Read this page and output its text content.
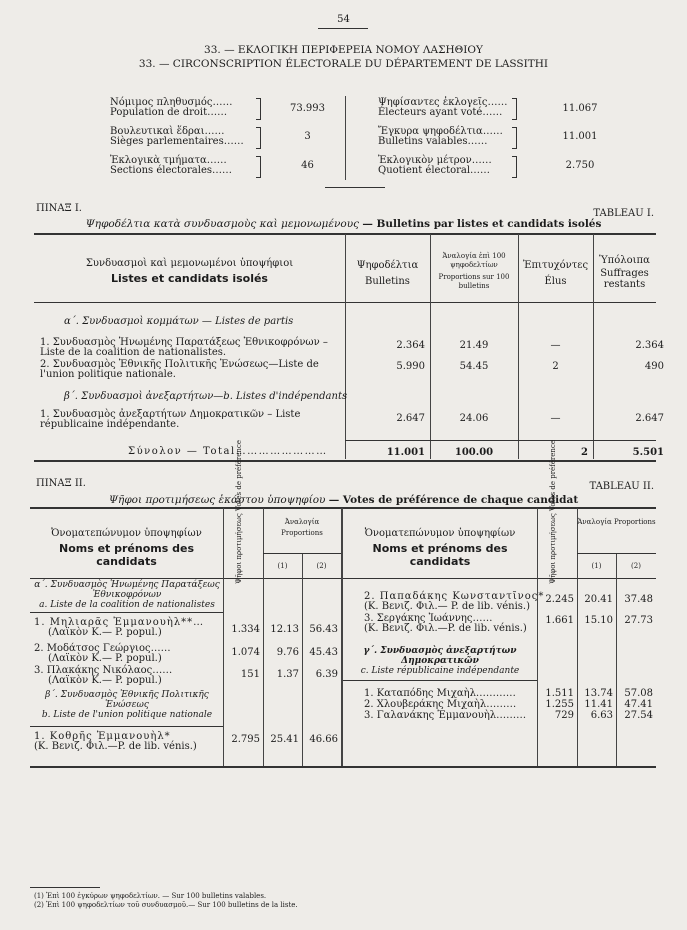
54
33. — ΕΚΛΟΓΙΚΗ ΠΕΡΙΦΕΡΕΙΑ ΝΟΜΟΥ ΛΑΣΗΘΙΟΥ
33. — CIRCONSCRIPTION ÉLECTORALE DU DÉPARTEMENT DE LASSITHI
Νόμιμος πληθυσμός……
Population de droit……	73.993
Βουλευτικαὶ ἕδραι……
Sièges parlementaires……	3
Ἐκλογικὰ τμήματα……
Sections électorales……	46
Ψηφίσαντες ἐκλογεῖς……
Électeurs ayant voté……	11.067
Ἔγκυρα ψηφοδέλτια……
Bulletins valables……	11.001
Ἐκλογικὸν μέτρον……
Quotient électoral……	2.750
ΠΙΝΑΞ I.	TABLEAU I.
Ψηφοδέλτια κατὰ συνδυασμοὺς καὶ μεμονωμένους — Bulletins par listes et candidats isolés
Συνδυασμοὶ καὶ μεμονωμένοι ὑποψήφιοι
Listes et candidats isolés
Ψηφοδέλτια
Bulletins
Ἀναλογία ἐπὶ 100 ψηφοδελτίων
Proportions sur 100 bulletins
Ἐπιτυχόντες
Élus
Ὑπόλοιπα
Suffrages restants
α΄. Συνδυασμοὶ κομμάτων — Listes de partis
1. Συνδυασμὸς Ἡνωμένης Παρατάξεως Ἐθνικοφρόνων – Liste de la coalition de nationalistes.
2.364	21.49	—	2.364
2. Συνδυασμὸς Ἐθνικῆς Πολιτικῆς Ἑνώσεως—Liste de l'union politique nationale.
5.990	54.45	2	490
β΄. Συνδυασμοὶ ἀνεξαρτήτων—b. Listes d'indépendants
1. Συνδυασμὸς ἀνεξαρτήτων Δημοκρατικῶν – Liste républicaine indépendante.
2.647	24.06	—	2.647
Σύνολον — Total……………………	11.001	100.00	2	5.501
ΠΙΝΑΞ II.	TABLEAU II.
Ψῆφοι προτιμήσεως ἑκάστου ὑποψηφίου — Votes de préférence de chaque candidat
Ὀνοματεπώνυμον ὑποψηφίων
Noms et prénoms des candidats	Ψῆφοι προτιμήσεως Votes de préférence	Ἀναλογία Proportions
(1)	(2)
Ὀνοματεπώνυμον ὑποψηφίων
Noms et prénoms des candidats	Ψῆφοι προτιμήσεως Votes de préférence	Ἀναλογία Proportions
(1)	(2)
α΄. Συνδυασμὸς Ἡνωμένης Παρατάξεως Ἐθνικοφρόνων
a. Liste de la coalition de nationalistes
1. Μηλιαρᾶς Ἐμμανουὴλ**…
(Λαϊκὸν Κ.— P. popul.)	1.334	12.13	56.43
2. Μοδάτσος Γεώργιος……
(Λαϊκὸν Κ.— P. popul.)
1.074	9.76	45.43
3. Πλακάκης Νικόλαος……
(Λαϊκὸν Κ.— P. popul.)
151	1.37	6.39
β΄. Συνδυασμὸς Ἐθνικῆς Πολιτικῆς Ἑνώσεως
b. Liste de l'union politique nationale
1. Κοθρῆς Ἐμμανουὴλ*
(Κ. Βενιζ. Φιλ.—P. de lib. vénis.)
2.795	25.41	46.66
2. Παπαδάκης Κωνσταντῖνος*
(Κ. Βενιζ. Φιλ.— P. de lib. vénis.)
2.245	20.41	37.48
3. Σεργάκης Ἰωάννης……
(Κ. Βενιζ. Φιλ.—P. de lib. vénis.)
1.661	15.10	27.73
γ΄. Συνδυασμὸς ἀνεξαρτήτων Δημοκρατικῶν
c. Liste républicaine indépendante
1. Καταπόδης Μιχαὴλ…………	1.511	13.74	57.08
2. Χλουβεράκης Μιχαὴλ………	1.255	11.41	47.41
3. Γαλανάκης Ἐμμανουὴλ………	729	6.63	27.54
(1) Ἐπὶ 100 ἐγκύρων ψηφοδελτίων. — Sur 100 bulletins valables.
(2) Ἐπὶ 100 ψηφοδελτίων τοῦ συνδυασμοῦ.— Sur 100 bulletins de la liste.
